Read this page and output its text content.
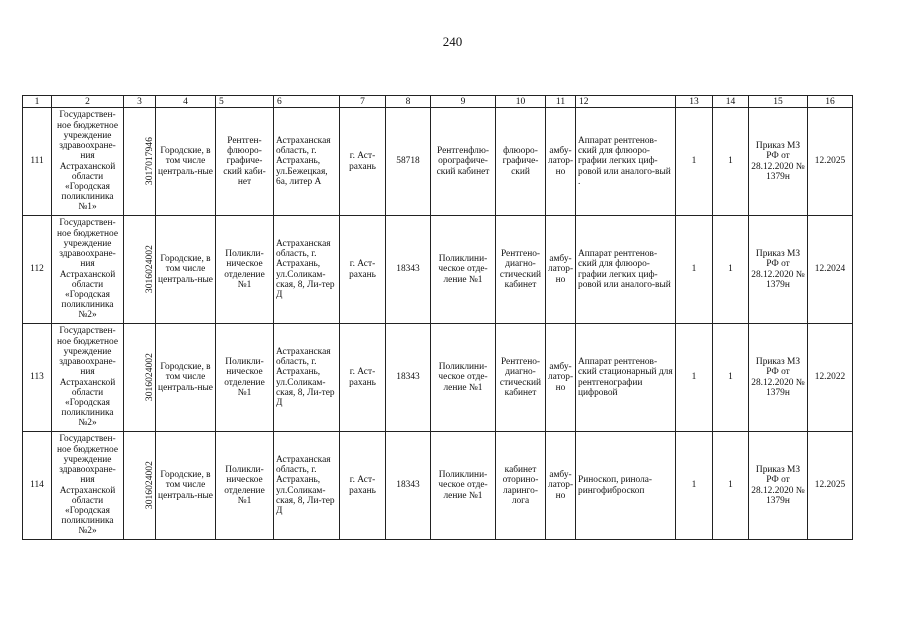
240
1	2	3	4	5	6	7	8	9	10	11	12	13	14	15	16
111	Государствен-ное бюджетное учреждение здравоохране-ния Астраханской области «Городская поликлиника №1»	3017017946	Городские, в том числе централь-ные	Рентген-флюоро-графиче-ский каби-нет	Астраханская область, г. Астрахань, ул.Бежецкая, 6а, литер А	г. Аст-рахань	58718	Рентгенфлю-орографиче-ский кабинет	флюоро-графиче-ский	амбу-латор-но	Аппарат рентгенов-ский для флюоро-графии легких циф-ровой или аналого-вый .	1	1	Приказ МЗ РФ от 28.12.2020 № 1379н	12.2025
112	Государствен-ное бюджетное учреждение здравоохране-ния Астраханской области «Городская поликлиника №2»	3016024002	Городские, в том числе централь-ные	Поликли-ническое отделение №1	Астраханская область, г. Астрахань, ул.Соликам-ская, 8, Ли-тер Д	г. Аст-рахань	18343	Поликлини-ческое отде-ление №1	Рентгено-диагно-стический кабинет	амбу-латор-но	Аппарат рентгенов-ский для флюоро-графии легких циф-ровой или аналого-вый	1	1	Приказ МЗ РФ от 28.12.2020 № 1379н	12.2024
113	Государствен-ное бюджетное учреждение здравоохране-ния Астраханской области «Городская поликлиника №2»	3016024002	Городские, в том числе централь-ные	Поликли-ническое отделение №1	Астраханская область, г. Астрахань, ул.Соликам-ская, 8, Ли-тер Д	г. Аст-рахань	18343	Поликлини-ческое отде-ление №1	Рентгено-диагно-стический кабинет	амбу-латор-но	Аппарат рентгенов-ский стационарный для рентгенографии цифровой	1	1	Приказ МЗ РФ от 28.12.2020 № 1379н	12.2022
114	Государствен-ное бюджетное учреждение здравоохране-ния Астраханской области «Городская поликлиника №2»	3016024002	Городские, в том числе централь-ные	Поликли-ническое отделение №1	Астраханская область, г. Астрахань, ул.Соликам-ская, 8, Ли-тер Д	г. Аст-рахань	18343	Поликлини-ческое отде-ление №1	кабинет оторино-ларинго-лога	амбу-латор-но	Риноскоп, ринола-рингофиброскоп	1	1	Приказ МЗ РФ от 28.12.2020 № 1379н	12.2025
